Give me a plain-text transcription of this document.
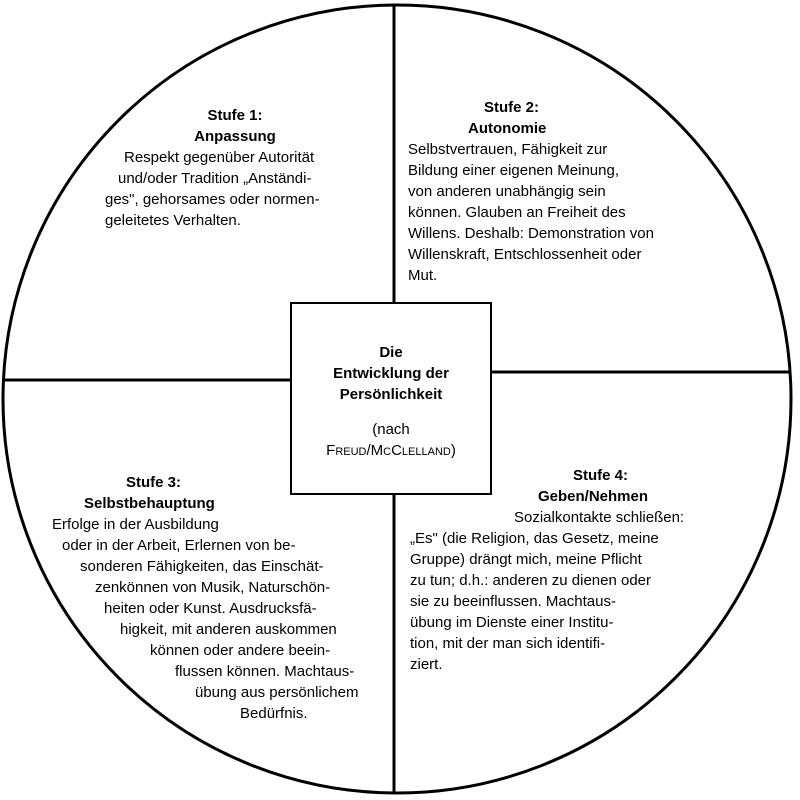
Stufe 1:
Anpassung
Respekt gegenüber Autorität
und/oder Tradition „Anständi-
ges", gehorsames oder normen-
geleitetes Verhalten.
Stufe 2:
Autonomie
Selbstvertrauen, Fähigkeit zur
Bildung einer eigenen Meinung,
von anderen unabhängig sein
können. Glauben an Freiheit des
Willens. Deshalb: Demonstration von
Willenskraft, Entschlossenheit oder
Mut.
Die
Entwicklung der
Persönlichkeit
(nach
Freud/McClelland)
Stufe 3:
Selbstbehauptung
Erfolge in der Ausbildung
oder in der Arbeit, Erlernen von be-
sonderen Fähigkeiten, das Einschät-
zenkönnen von Musik, Naturschön-
heiten oder Kunst. Ausdrucksfä-
higkeit, mit anderen auskommen
können oder andere beein-
flussen können. Machtaus-
übung aus persönlichem
Bedürfnis.
Stufe 4:
Geben/Nehmen
Sozialkontakte schließen:
„Es" (die Religion, das Gesetz, meine
Gruppe) drängt mich, meine Pflicht
zu tun; d.h.: anderen zu dienen oder
sie zu beeinflussen. Machtaus-
übung im Dienste einer Institu-
tion, mit der man sich identifi-
ziert.
